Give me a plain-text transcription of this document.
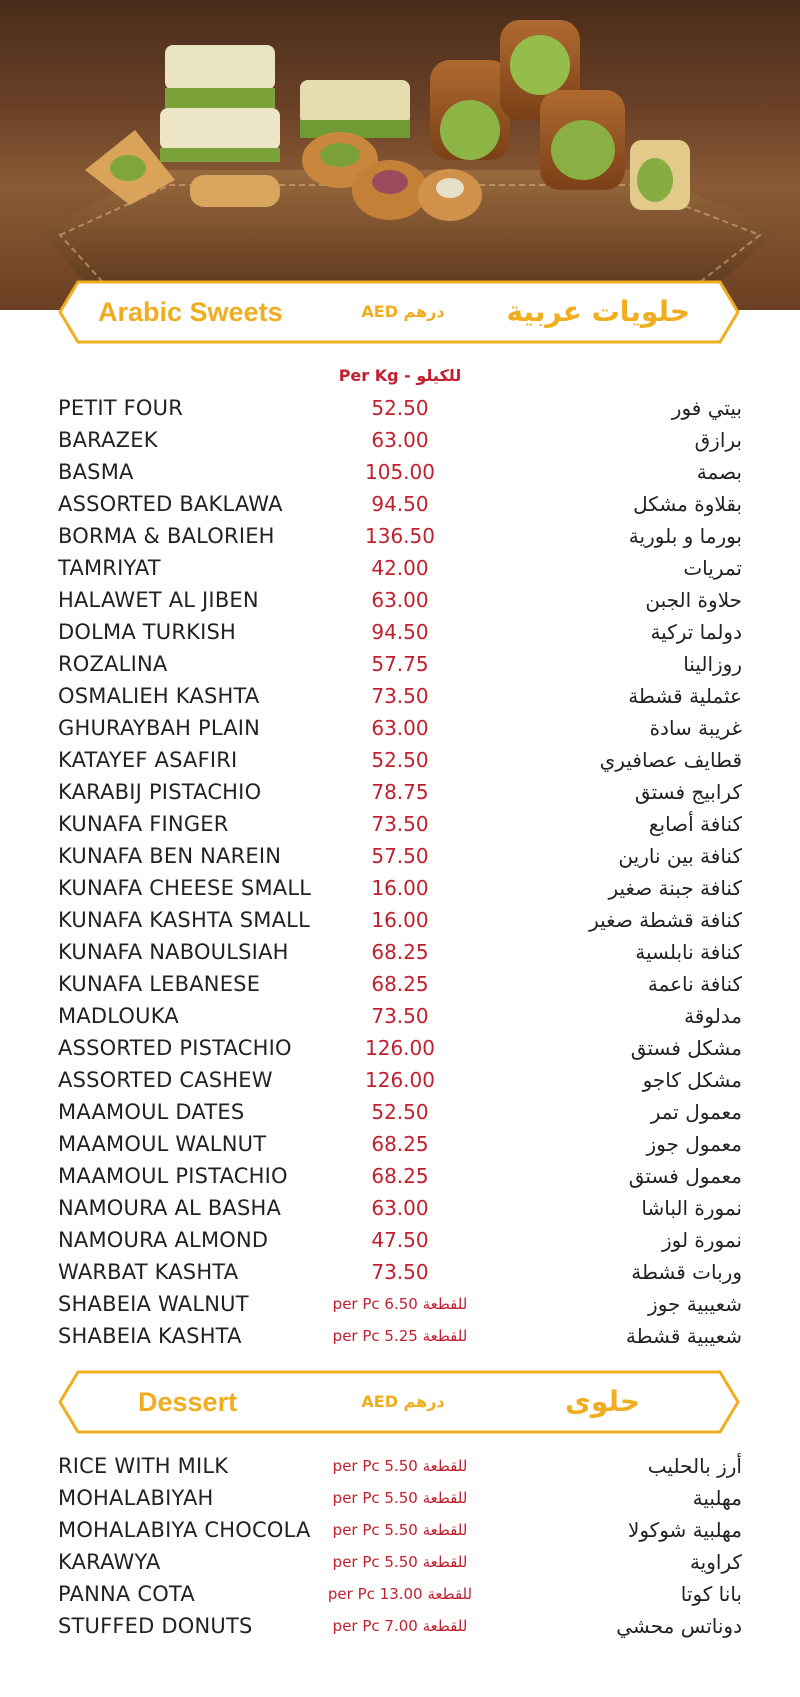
Arabic Sweets	AED درهم حلويات عربية
Per Kg - للكيلو
PETIT FOUR	52.50	بيتي فور
BARAZEK	63.00	برازق
BASMA	105.00	بصمة
ASSORTED BAKLAWA	94.50	بقلاوة مشكل
BORMA & BALORIEH	136.50	بورما و بلورية
TAMRIYAT	42.00	تمريات
HALAWET AL JIBEN	63.00	حلاوة الجبن
DOLMA TURKISH	94.50	دولما تركية
ROZALINA	57.75	روزالينا
OSMALIEH KASHTA	73.50	عثملية قشطة
GHURAYBAH PLAIN	63.00	غريبة سادة
KATAYEF ASAFIRI	52.50	قطايف عصافيري
KARABIJ PISTACHIO	78.75	كرابيج فستق
KUNAFA FINGER	73.50	كنافة أصابع
KUNAFA BEN NAREIN	57.50	كنافة بين نارين
KUNAFA CHEESE SMALL	16.00	كنافة جبنة صغير
KUNAFA KASHTA SMALL	16.00	كنافة قشطة صغير
KUNAFA NABOULSIAH	68.25	كنافة نابلسية
KUNAFA LEBANESE	68.25	كنافة ناعمة
MADLOUKA	73.50	مدلوقة
ASSORTED PISTACHIO	126.00	مشكل فستق
ASSORTED CASHEW	126.00	مشكل كاجو
MAAMOUL DATES	52.50	معمول تمر
MAAMOUL WALNUT	68.25	معمول جوز
MAAMOUL PISTACHIO	68.25	معمول فستق
NAMOURA AL BASHA	63.00	نمورة الباشا
NAMOURA ALMOND	47.50	نمورة لوز
WARBAT KASHTA	73.50	وربات قشطة
SHABEIA WALNUT	per Pc 6.50 للقطعة	شعيبية جوز
SHABEIA KASHTA	per Pc 5.25 للقطعة	شعيبية قشطة
Dessert	AED درهم	حلوى
RICE WITH MILK	per Pc 5.50 للقطعة	أرز بالحليب
MOHALABIYAH	per Pc 5.50 للقطعة	مهلبية
MOHALABIYA CHOCOLA	per Pc 5.50 للقطعة	مهلبية شوكولا
KARAWYA	per Pc 5.50 للقطعة	كراوية
PANNA COTA	per Pc 13.00 للقطعة	بانا كوتا
STUFFED DONUTS	per Pc 7.00 للقطعة	دوناتس محشي
